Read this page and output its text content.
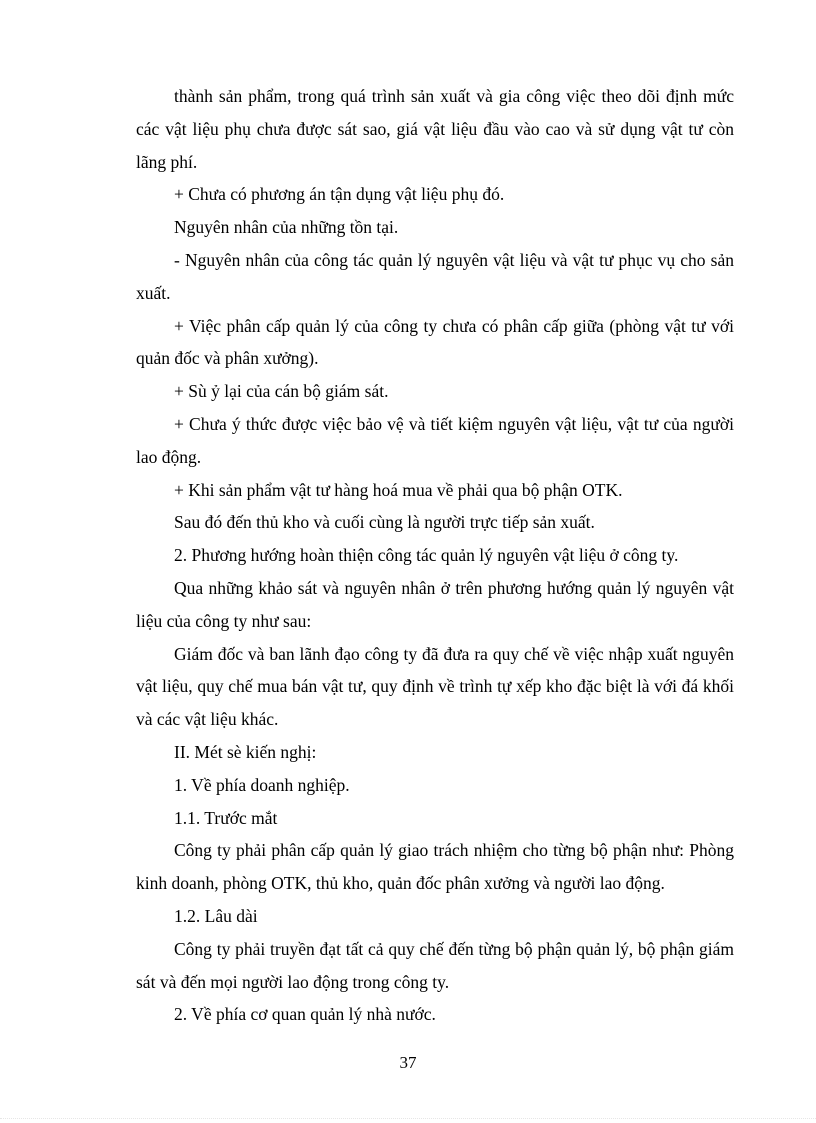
thành sản phẩm, trong quá trình sản xuất và gia công việc theo dõi định mức các vật liệu phụ chưa được sát sao, giá vật liệu đầu vào cao và sử dụng vật tư còn lãng phí.

+ Chưa có phương án tận dụng vật liệu phụ đó.

Nguyên nhân của những tồn tại.

- Nguyên nhân của công tác quản lý nguyên vật liệu và vật tư phục vụ cho sản xuất.

+ Việc phân cấp quản lý của công ty chưa có phân cấp giữa (phòng vật tư với quản đốc và phân xưởng).

+ Sù ỷ lại của cán bộ giám sát.

+ Chưa ý thức được việc bảo vệ và tiết kiệm nguyên vật liệu, vật tư của người lao động.

+ Khi sản phẩm vật tư hàng hoá mua về phải qua bộ phận OTK.

Sau đó đến thủ kho và cuối cùng là người trực tiếp sản xuất.

2. Phương hướng hoàn thiện công tác quản lý nguyên vật liệu ở công ty.

Qua những khảo sát và nguyên nhân ở trên phương hướng quản lý nguyên vật liệu của công ty như sau:

Giám đốc và ban lãnh đạo công ty đã đưa ra quy chế về việc nhập xuất nguyên vật liệu, quy chế mua bán vật tư, quy định về trình tự xếp kho đặc biệt là với đá khối và các vật liệu khác.

II. Mét sè kiến nghị:

1. Về phía doanh nghiệp.

1.1. Trước mắt

Công ty phải phân cấp quản lý giao trách nhiệm cho từng bộ phận như: Phòng kinh doanh, phòng OTK, thủ kho, quản đốc phân xưởng và người lao động.

1.2. Lâu dài

Công ty phải truyền đạt tất cả quy chế đến từng bộ phận quản lý, bộ phận giám sát và đến mọi người lao động trong công ty.

2. Về phía cơ quan quản lý nhà nước.

37
